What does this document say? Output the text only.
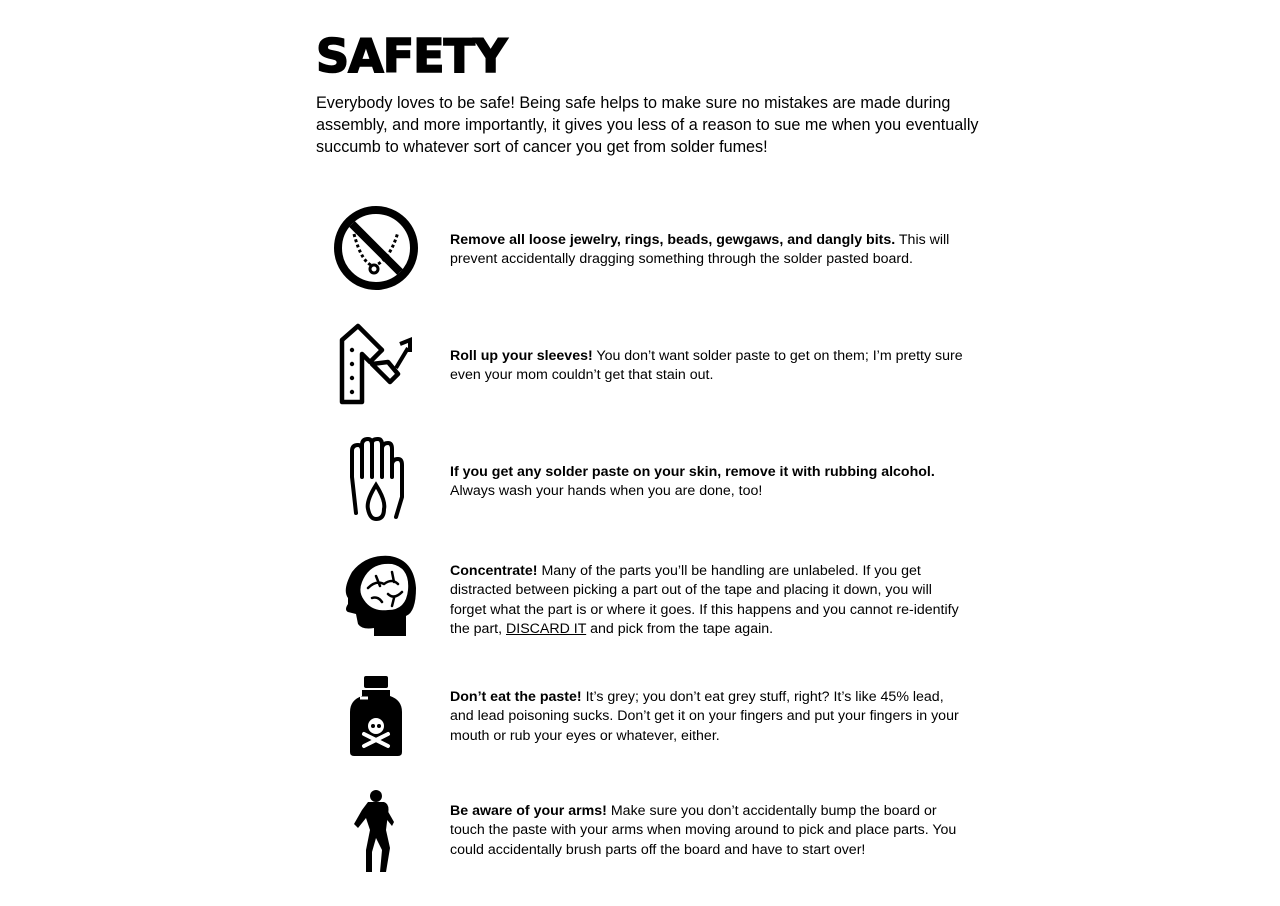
SAFETY

Everybody loves to be safe! Being safe helps to make sure no mistakes are made during assembly, and more importantly, it gives you less of a reason to sue me when you eventually succumb to whatever sort of cancer you get from solder fumes!

Remove all loose jewelry, rings, beads, gewgaws, and dangly bits. This will prevent accidentally dragging something through the solder pasted board.
Roll up your sleeves! You don’t want solder paste to get on them; I’m pretty sure even your mom couldn’t get that stain out.
If you get any solder paste on your skin, remove it with rubbing alcohol. Always wash your hands when you are done, too!
Concentrate! Many of the parts you’ll be handling are unlabeled. If you get distracted between picking a part out of the tape and placing it down, you will forget what the part is or where it goes. If this happens and you cannot re-identify the part, DISCARD IT and pick from the tape again.
Don’t eat the paste! It’s grey; you don’t eat grey stuff, right? It’s like 45% lead, and lead poisoning sucks. Don’t get it on your fingers and put your fingers in your mouth or rub your eyes or whatever, either.
Be aware of your arms! Make sure you don’t accidentally bump the board or touch the paste with your arms when moving around to pick and place parts. You could accidentally brush parts off the board and have to start over!
